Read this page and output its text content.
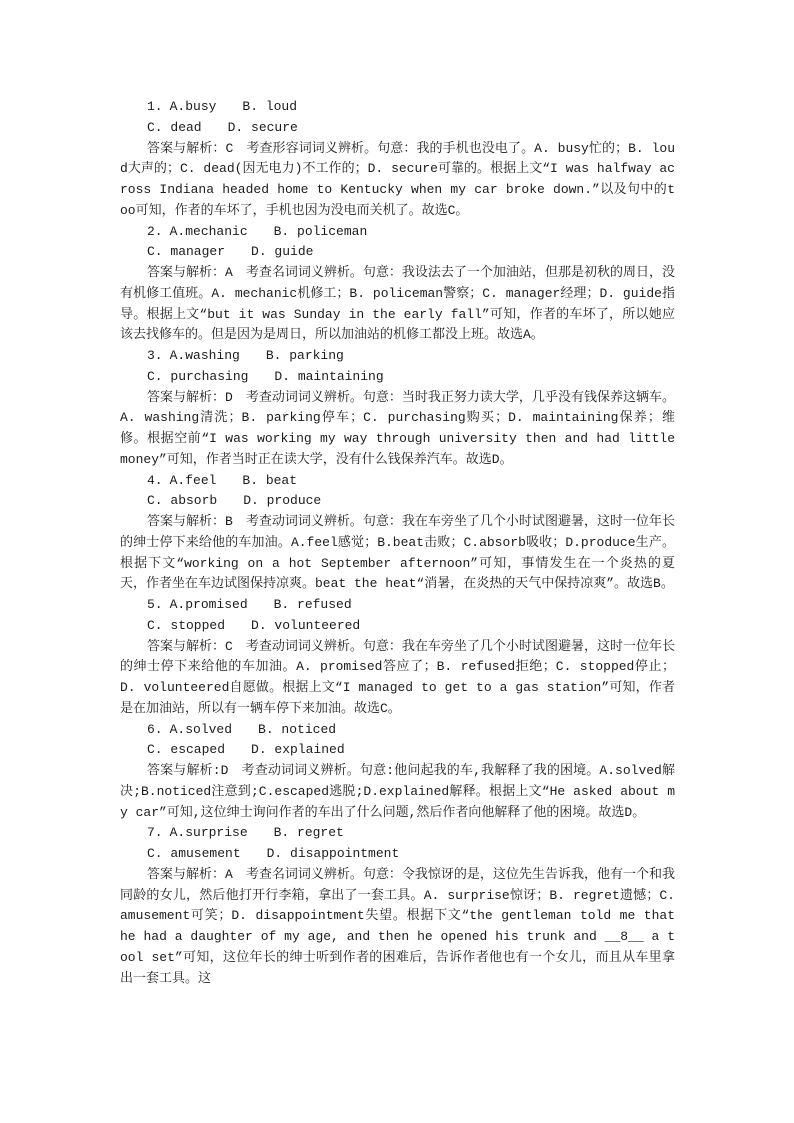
1. A.busy B. loud
C. dead D. secure

答案与解析：C 考查形容词词义辨析。句意：我的手机也没电了。A. busy忙的；B. loud大声的；C. dead(因无电力)不工作的；D. secure可靠的。根据上文“I was halfway across Indiana headed home to Kentucky when my car broke down.”以及句中的too可知，作者的车坏了，手机也因为没电而关机了。故选C。

2. A.mechanic B. policeman
C. manager D. guide

答案与解析：A 考查名词词义辨析。句意：我设法去了一个加油站，但那是初秋的周日，没有机修工值班。A. mechanic机修工；B. policeman警察；C. manager经理；D. guide指导。根据上文“but it was Sunday in the early fall”可知，作者的车坏了，所以她应该去找修车的。但是因为是周日，所以加油站的机修工都没上班。故选A。

3. A.washing B. parking
C. purchasing D. maintaining

答案与解析：D 考查动词词义辨析。句意：当时我正努力读大学，几乎没有钱保养这辆车。A. washing清洗；B. parking停车；C. purchasing购买；D. maintaining保养；维修。根据空前“I was working my way through university then and had little money”可知，作者当时正在读大学，没有什么钱保养汽车。故选D。

4. A.feel B. beat
C. absorb D. produce

答案与解析：B 考查动词词义辨析。句意：我在车旁坐了几个小时试图避暑，这时一位年长的绅士停下来给他的车加油。A.feel感觉；B.beat击败；C.absorb吸收；D.produce生产。根据下文“working on a hot September afternoon”可知，事情发生在一个炎热的夏天，作者坐在车边试图保持凉爽。beat the heat“消暑，在炎热的天气中保持凉爽”。故选B。

5. A.promised B. refused
C. stopped D. volunteered

答案与解析：C 考查动词词义辨析。句意：我在车旁坐了几个小时试图避暑，这时一位年长的绅士停下来给他的车加油。A. promised答应了；B. refused拒绝；C. stopped停止；D. volunteered自愿做。根据上文“I managed to get to a gas station”可知，作者是在加油站，所以有一辆车停下来加油。故选C。

6. A.solved B. noticed
C. escaped D. explained

答案与解析:D 考查动词词义辨析。句意:他问起我的车,我解释了我的困境。A.solved解决;B.noticed注意到;C.escaped逃脱;D.explained解释。根据上文“He asked about my car”可知,这位绅士询问作者的车出了什么问题,然后作者向他解释了他的困境。故选D。

7. A.surprise B. regret
C. amusement D. disappointment

答案与解析：A 考查名词词义辨析。句意：令我惊讶的是，这位先生告诉我，他有一个和我同龄的女儿，然后他打开行李箱，拿出了一套工具。A. surprise惊讶；B. regret遗憾；C. amusement可笑；D. disappointment失望。根据下文“the gentleman told me that he had a daughter of my age, and then he opened his trunk and __8__ a tool set”可知，这位年长的绅士听到作者的困难后，告诉作者他也有一个女儿，而且从车里拿出一套工具。这
